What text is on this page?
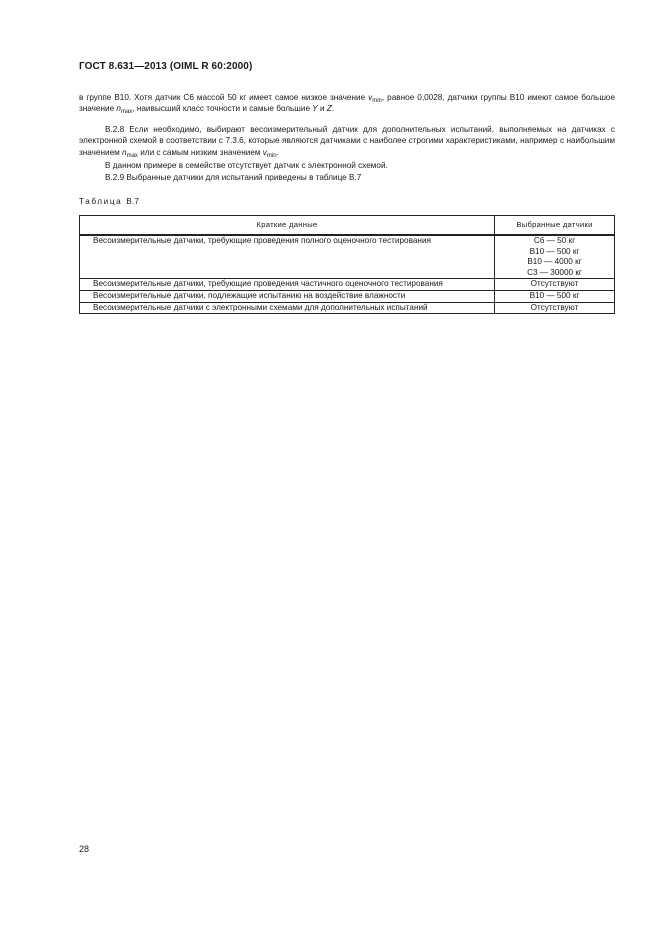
ГОСТ 8.631—2013 (OIML R 60:2000)
в группе В10. Хотя датчик С6 массой 50 кг имеет самое низкое значение $v_{min}$, равное 0,0028, датчики группы В10 имеют самое большое значение $n_{max}$, наивысший класс точности и самые большие Y и Z.
В.2.8 Если необходимо, выбирают весоизмерительный датчик для дополнительных испытаний, выполняемых на датчиках с электронной схемой в соответствии с 7.3.6, которые являются датчиками с наиболее строгими характеристиками, например с наибольшим значением $n_{max}$ или с самым низким значением $v_{min}$.
В данном примере в семействе отсутствует датчик с электронной схемой.
В.2.9 Выбранные датчики для испытаний приведены в таблице В.7
Таблица В.7
Краткие данные	Выбранные датчики

Весоизмерительные датчики, требующие проведения полного оценочного тестирования	С6 — 50 кг
В10 — 500 кг
В10 — 4000 кг
С3 — 30000 кг

Весоизмерительные датчики, требующие проведения частичного оценочного тестирования	Отсутствуют

Весоизмерительные датчики, подлежащие испытанию на воздействие влажности	В10 — 500 кг

Весоизмерительные датчики с электронными схемами для дополнительных испытаний	Отсутствуют
28
